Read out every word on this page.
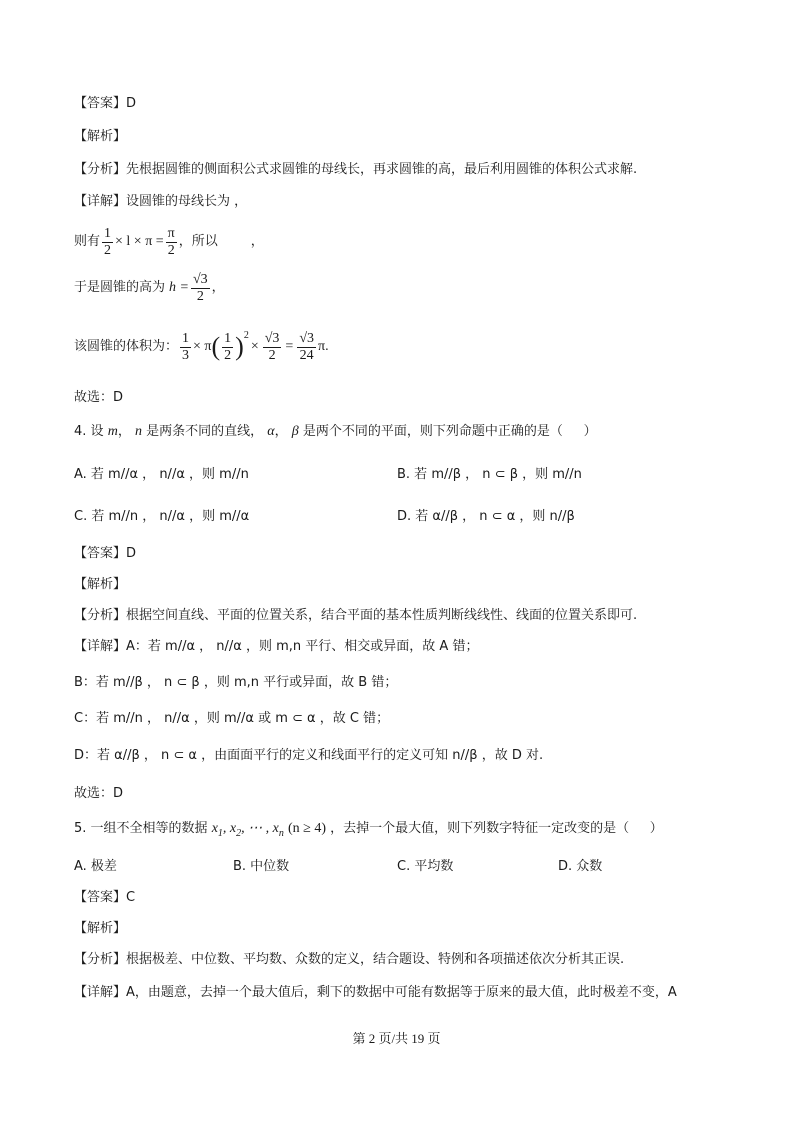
【答案】D
【解析】
【分析】先根据圆锥的侧面积公式求圆锥的母线长，再求圆锥的高，最后利用圆锥的体积公式求解.
【详解】设圆锥的母线长为 ，
则有 $\frac{1}{2} \times l \times \pi = \frac{\pi}{2}$ ，所以        ，
于是圆锥的高为 $h = \frac{√3}{2}$ ，
该圆锥的体积为： $\frac{1}{3} \times \pi$ ( $\frac{1}{2}$ ) 2
× $\frac{√3}{2} = \frac{√3}{24} \pi$.
故选：D
4. 设 m， n 是两条不同的直线， α， β 是两个不同的平面，则下列命题中正确的是（     ）
A. 若 m//α ， n//α ，则 m//n	B. 若 m//β ， n ⊂ β ，则 m//n
C. 若 m//n ， n//α ，则 m//α	D. 若 α//β ， n ⊂ α ，则 n//β
【答案】D
【解析】
【分析】根据空间直线、平面的位置关系，结合平面的基本性质判断线线性、线面的位置关系即可.
【详解】A：若 m//α ， n//α ，则 m,n 平行、相交或异面，故 A 错；
B：若 m//β ， n ⊂ β ，则 m,n 平行或异面，故 B 错；
C：若 m//n ， n//α ，则 m//α 或 m ⊂ α ，故 C 错；
D：若 α//β ， n ⊂ α ，由面面平行的定义和线面平行的定义可知 n//β ，故 D 对.
故选：D
5. 一组不全相等的数据 $x_1$, $x_2$, ⋯ , $x_n$ (n ≥ 4) ，去掉一个最大值，则下列数字特征一定改变的是（     ）
A. 极差	B. 中位数	C. 平均数	D. 众数
【答案】C
【解析】
【分析】根据极差、中位数、平均数、众数的定义，结合题设、特例和各项描述依次分析其正误.
【详解】A，由题意，去掉一个最大值后，剩下的数据中可能有数据等于原来的最大值，此时极差不变，A
第 2 页/共 19 页
